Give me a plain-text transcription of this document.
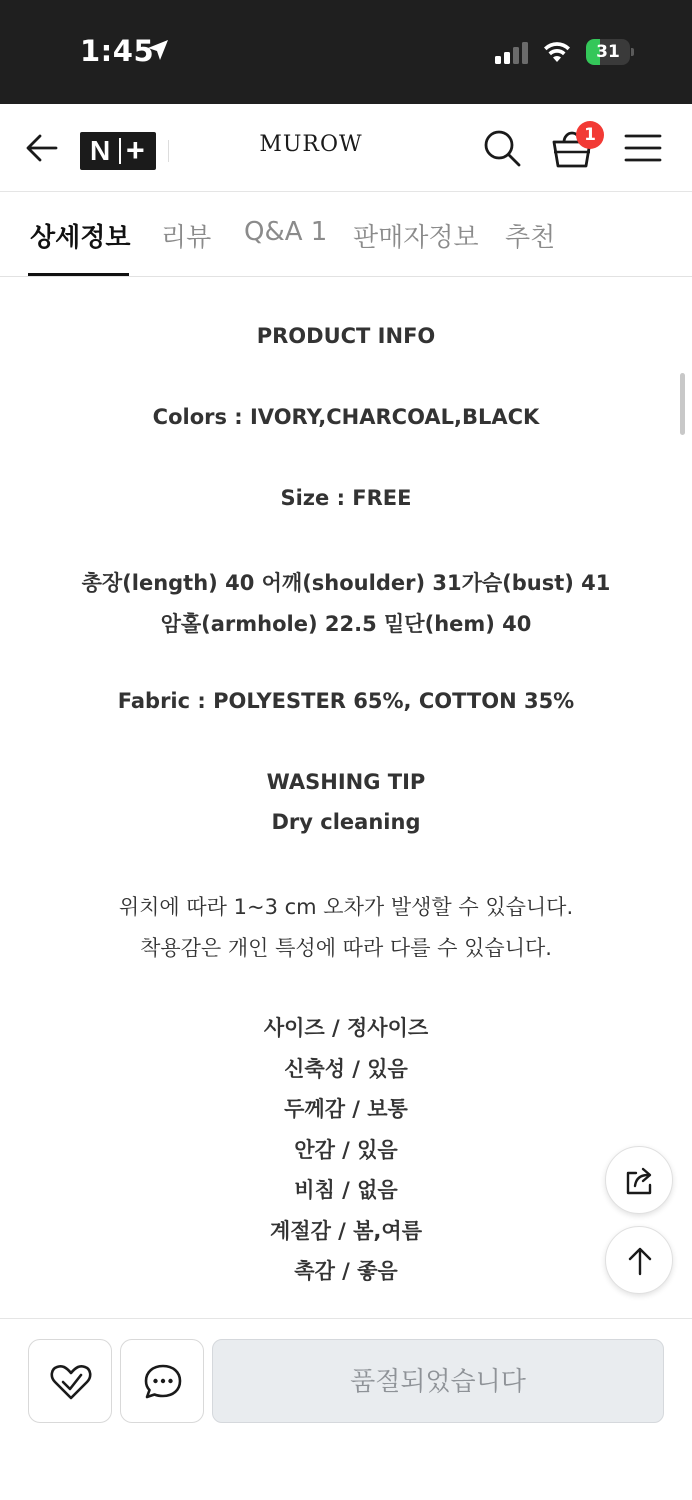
1:45	31
N +	MUROW	1
상세정보 리뷰 Q&A 1 판매자정보 추천
PRODUCT INFO
Colors : IVORY,CHARCOAL,BLACK
Size : FREE
총장(length) 40 어깨(shoulder) 31가슴(bust) 41
암홀(armhole) 22.5 밑단(hem) 40
Fabric : POLYESTER 65%, COTTON 35%
WASHING TIP
Dry cleaning
위치에 따라 1~3 cm 오차가 발생할 수 있습니다.
착용감은 개인 특성에 따라 다를 수 있습니다.
사이즈 / 정사이즈
신축성 / 있음
두께감 / 보통
안감 / 있음
비침 / 없음
계절감 / 봄,여름
촉감 / 좋음
품절되었습니다
